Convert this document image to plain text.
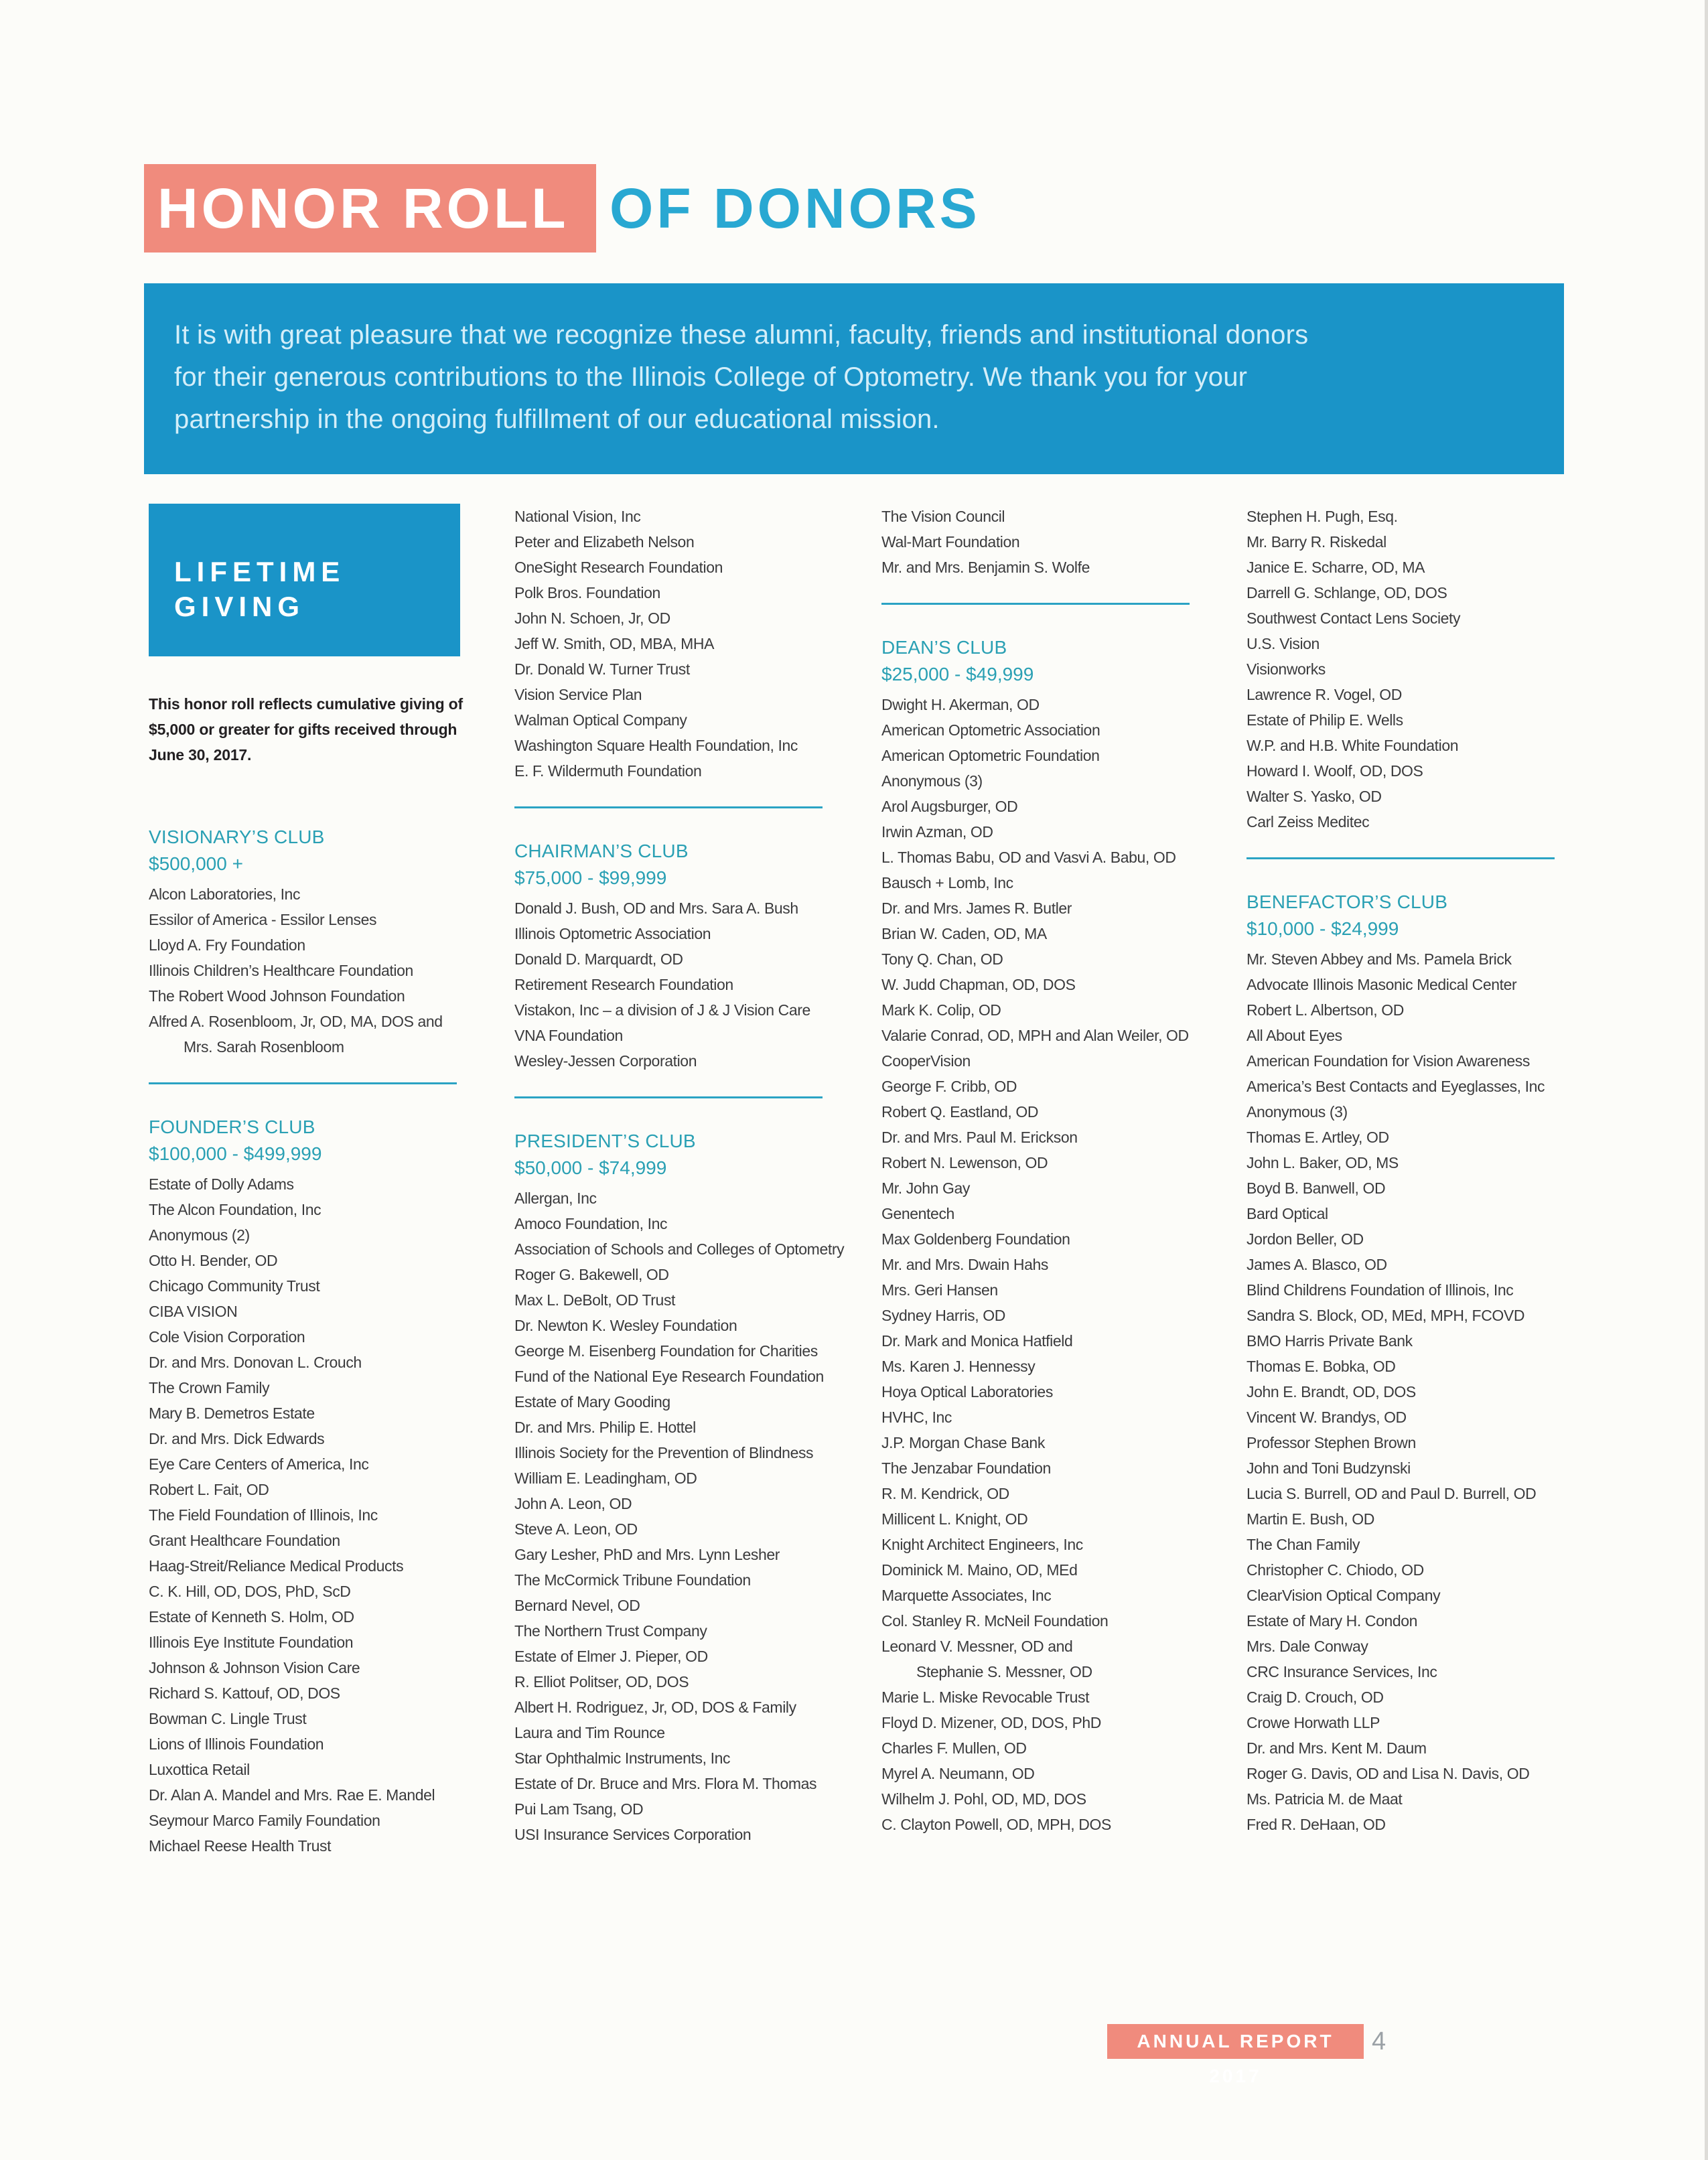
HONOR ROLL OF DONORS
It is with great pleasure that we recognize these alumni, faculty, friends and institutional donors
for their generous contributions to the Illinois College of Optometry. We thank you for your
partnership in the ongoing fulfillment of our educational mission.
LIFETIME
GIVING
This honor roll reflects cumulative giving of
$5,000 or greater for gifts received through
June 30, 2017.
VISIONARY’S CLUB
$500,000 +
Alcon Laboratories, Inc
Essilor of America - Essilor Lenses
Lloyd A. Fry Foundation
Illinois Children’s Healthcare Foundation
The Robert Wood Johnson Foundation
Alfred A. Rosenbloom, Jr, OD, MA, DOS and
Mrs. Sarah Rosenbloom
FOUNDER’S CLUB
$100,000 - $499,999
Estate of Dolly Adams
The Alcon Foundation, Inc
Anonymous (2)
Otto H. Bender, OD
Chicago Community Trust
CIBA VISION
Cole Vision Corporation
Dr. and Mrs. Donovan L. Crouch
The Crown Family
Mary B. Demetros Estate
Dr. and Mrs. Dick Edwards
Eye Care Centers of America, Inc
Robert L. Fait, OD
The Field Foundation of Illinois, Inc
Grant Healthcare Foundation
Haag-Streit/Reliance Medical Products
C. K. Hill, OD, DOS, PhD, ScD
Estate of Kenneth S. Holm, OD
Illinois Eye Institute Foundation
Johnson & Johnson Vision Care
Richard S. Kattouf, OD, DOS
Bowman C. Lingle Trust
Lions of Illinois Foundation
Luxottica Retail
Dr. Alan A. Mandel and Mrs. Rae E. Mandel
Seymour Marco Family Foundation
Michael Reese Health Trust
National Vision, Inc
Peter and Elizabeth Nelson
OneSight Research Foundation
Polk Bros. Foundation
John N. Schoen, Jr, OD
Jeff W. Smith, OD, MBA, MHA
Dr. Donald W. Turner Trust
Vision Service Plan
Walman Optical Company
Washington Square Health Foundation, Inc
E. F. Wildermuth Foundation
CHAIRMAN’S CLUB
$75,000 - $99,999
Donald J. Bush, OD and Mrs. Sara A. Bush
Illinois Optometric Association
Donald D. Marquardt, OD
Retirement Research Foundation
Vistakon, Inc – a division of J & J Vision Care
VNA Foundation
Wesley-Jessen Corporation
PRESIDENT’S CLUB
$50,000 - $74,999
Allergan, Inc
Amoco Foundation, Inc
Association of Schools and Colleges of Optometry
Roger G. Bakewell, OD
Max L. DeBolt, OD Trust
Dr. Newton K. Wesley Foundation
George M. Eisenberg Foundation for Charities
Fund of the National Eye Research Foundation
Estate of Mary Gooding
Dr. and Mrs. Philip E. Hottel
Illinois Society for the Prevention of Blindness
William E. Leadingham, OD
John A. Leon, OD
Steve A. Leon, OD
Gary Lesher, PhD and Mrs. Lynn Lesher
The McCormick Tribune Foundation
Bernard Nevel, OD
The Northern Trust Company
Estate of Elmer J. Pieper, OD
R. Elliot Politser, OD, DOS
Albert H. Rodriguez, Jr, OD, DOS & Family
Laura and Tim Rounce
Star Ophthalmic Instruments, Inc
Estate of Dr. Bruce and Mrs. Flora M. Thomas
Pui Lam Tsang, OD
USI Insurance Services Corporation
The Vision Council
Wal-Mart Foundation
Mr. and Mrs. Benjamin S. Wolfe
DEAN’S CLUB
$25,000 - $49,999
Dwight H. Akerman, OD
American Optometric Association
American Optometric Foundation
Anonymous (3)
Arol Augsburger, OD
Irwin Azman, OD
L. Thomas Babu, OD and Vasvi A. Babu, OD
Bausch + Lomb, Inc
Dr. and Mrs. James R. Butler
Brian W. Caden, OD, MA
Tony Q. Chan, OD
W. Judd Chapman, OD, DOS
Mark K. Colip, OD
Valarie Conrad, OD, MPH and Alan Weiler, OD
CooperVision
George F. Cribb, OD
Robert Q. Eastland, OD
Dr. and Mrs. Paul M. Erickson
Robert N. Lewenson, OD
Mr. John Gay
Genentech
Max Goldenberg Foundation
Mr. and Mrs. Dwain Hahs
Mrs. Geri Hansen
Sydney Harris, OD
Dr. Mark and Monica Hatfield
Ms. Karen J. Hennessy
Hoya Optical Laboratories
HVHC, Inc
J.P. Morgan Chase Bank
The Jenzabar Foundation
R. M. Kendrick, OD
Millicent L. Knight, OD
Knight Architect Engineers, Inc
Dominick M. Maino, OD, MEd
Marquette Associates, Inc
Col. Stanley R. McNeil Foundation
Leonard V. Messner, OD and
Stephanie S. Messner, OD
Marie L. Miske Revocable Trust
Floyd D. Mizener, OD, DOS, PhD
Charles F. Mullen, OD
Myrel A. Neumann, OD
Wilhelm J. Pohl, OD, MD, DOS
C. Clayton Powell, OD, MPH, DOS
Stephen H. Pugh, Esq.
Mr. Barry R. Riskedal
Janice E. Scharre, OD, MA
Darrell G. Schlange, OD, DOS
Southwest Contact Lens Society
U.S. Vision
Visionworks
Lawrence R. Vogel, OD
Estate of Philip E. Wells
W.P. and H.B. White Foundation
Howard I. Woolf, OD, DOS
Walter S. Yasko, OD
Carl Zeiss Meditec
BENEFACTOR’S CLUB
$10,000 - $24,999
Mr. Steven Abbey and Ms. Pamela Brick
Advocate Illinois Masonic Medical Center
Robert L. Albertson, OD
All About Eyes
American Foundation for Vision Awareness
America’s Best Contacts and Eyeglasses, Inc
Anonymous (3)
Thomas E. Artley, OD
John L. Baker, OD, MS
Boyd B. Banwell, OD
Bard Optical
Jordon Beller, OD
James A. Blasco, OD
Blind Childrens Foundation of Illinois, Inc
Sandra S. Block, OD, MEd, MPH, FCOVD
BMO Harris Private Bank
Thomas E. Bobka, OD
John E. Brandt, OD, DOS
Vincent W. Brandys, OD
Professor Stephen Brown
John and Toni Budzynski
Lucia S. Burrell, OD and Paul D. Burrell, OD
Martin E. Bush, OD
The Chan Family
Christopher C. Chiodo, OD
ClearVision Optical Company
Estate of Mary H. Condon
Mrs. Dale Conway
CRC Insurance Services, Inc
Craig D. Crouch, OD
Crowe Horwath LLP
Dr. and Mrs. Kent M. Daum
Roger G. Davis, OD and Lisa N. Davis, OD
Ms. Patricia M. de Maat
Fred R. DeHaan, OD
ANNUAL REPORT 2017
4
